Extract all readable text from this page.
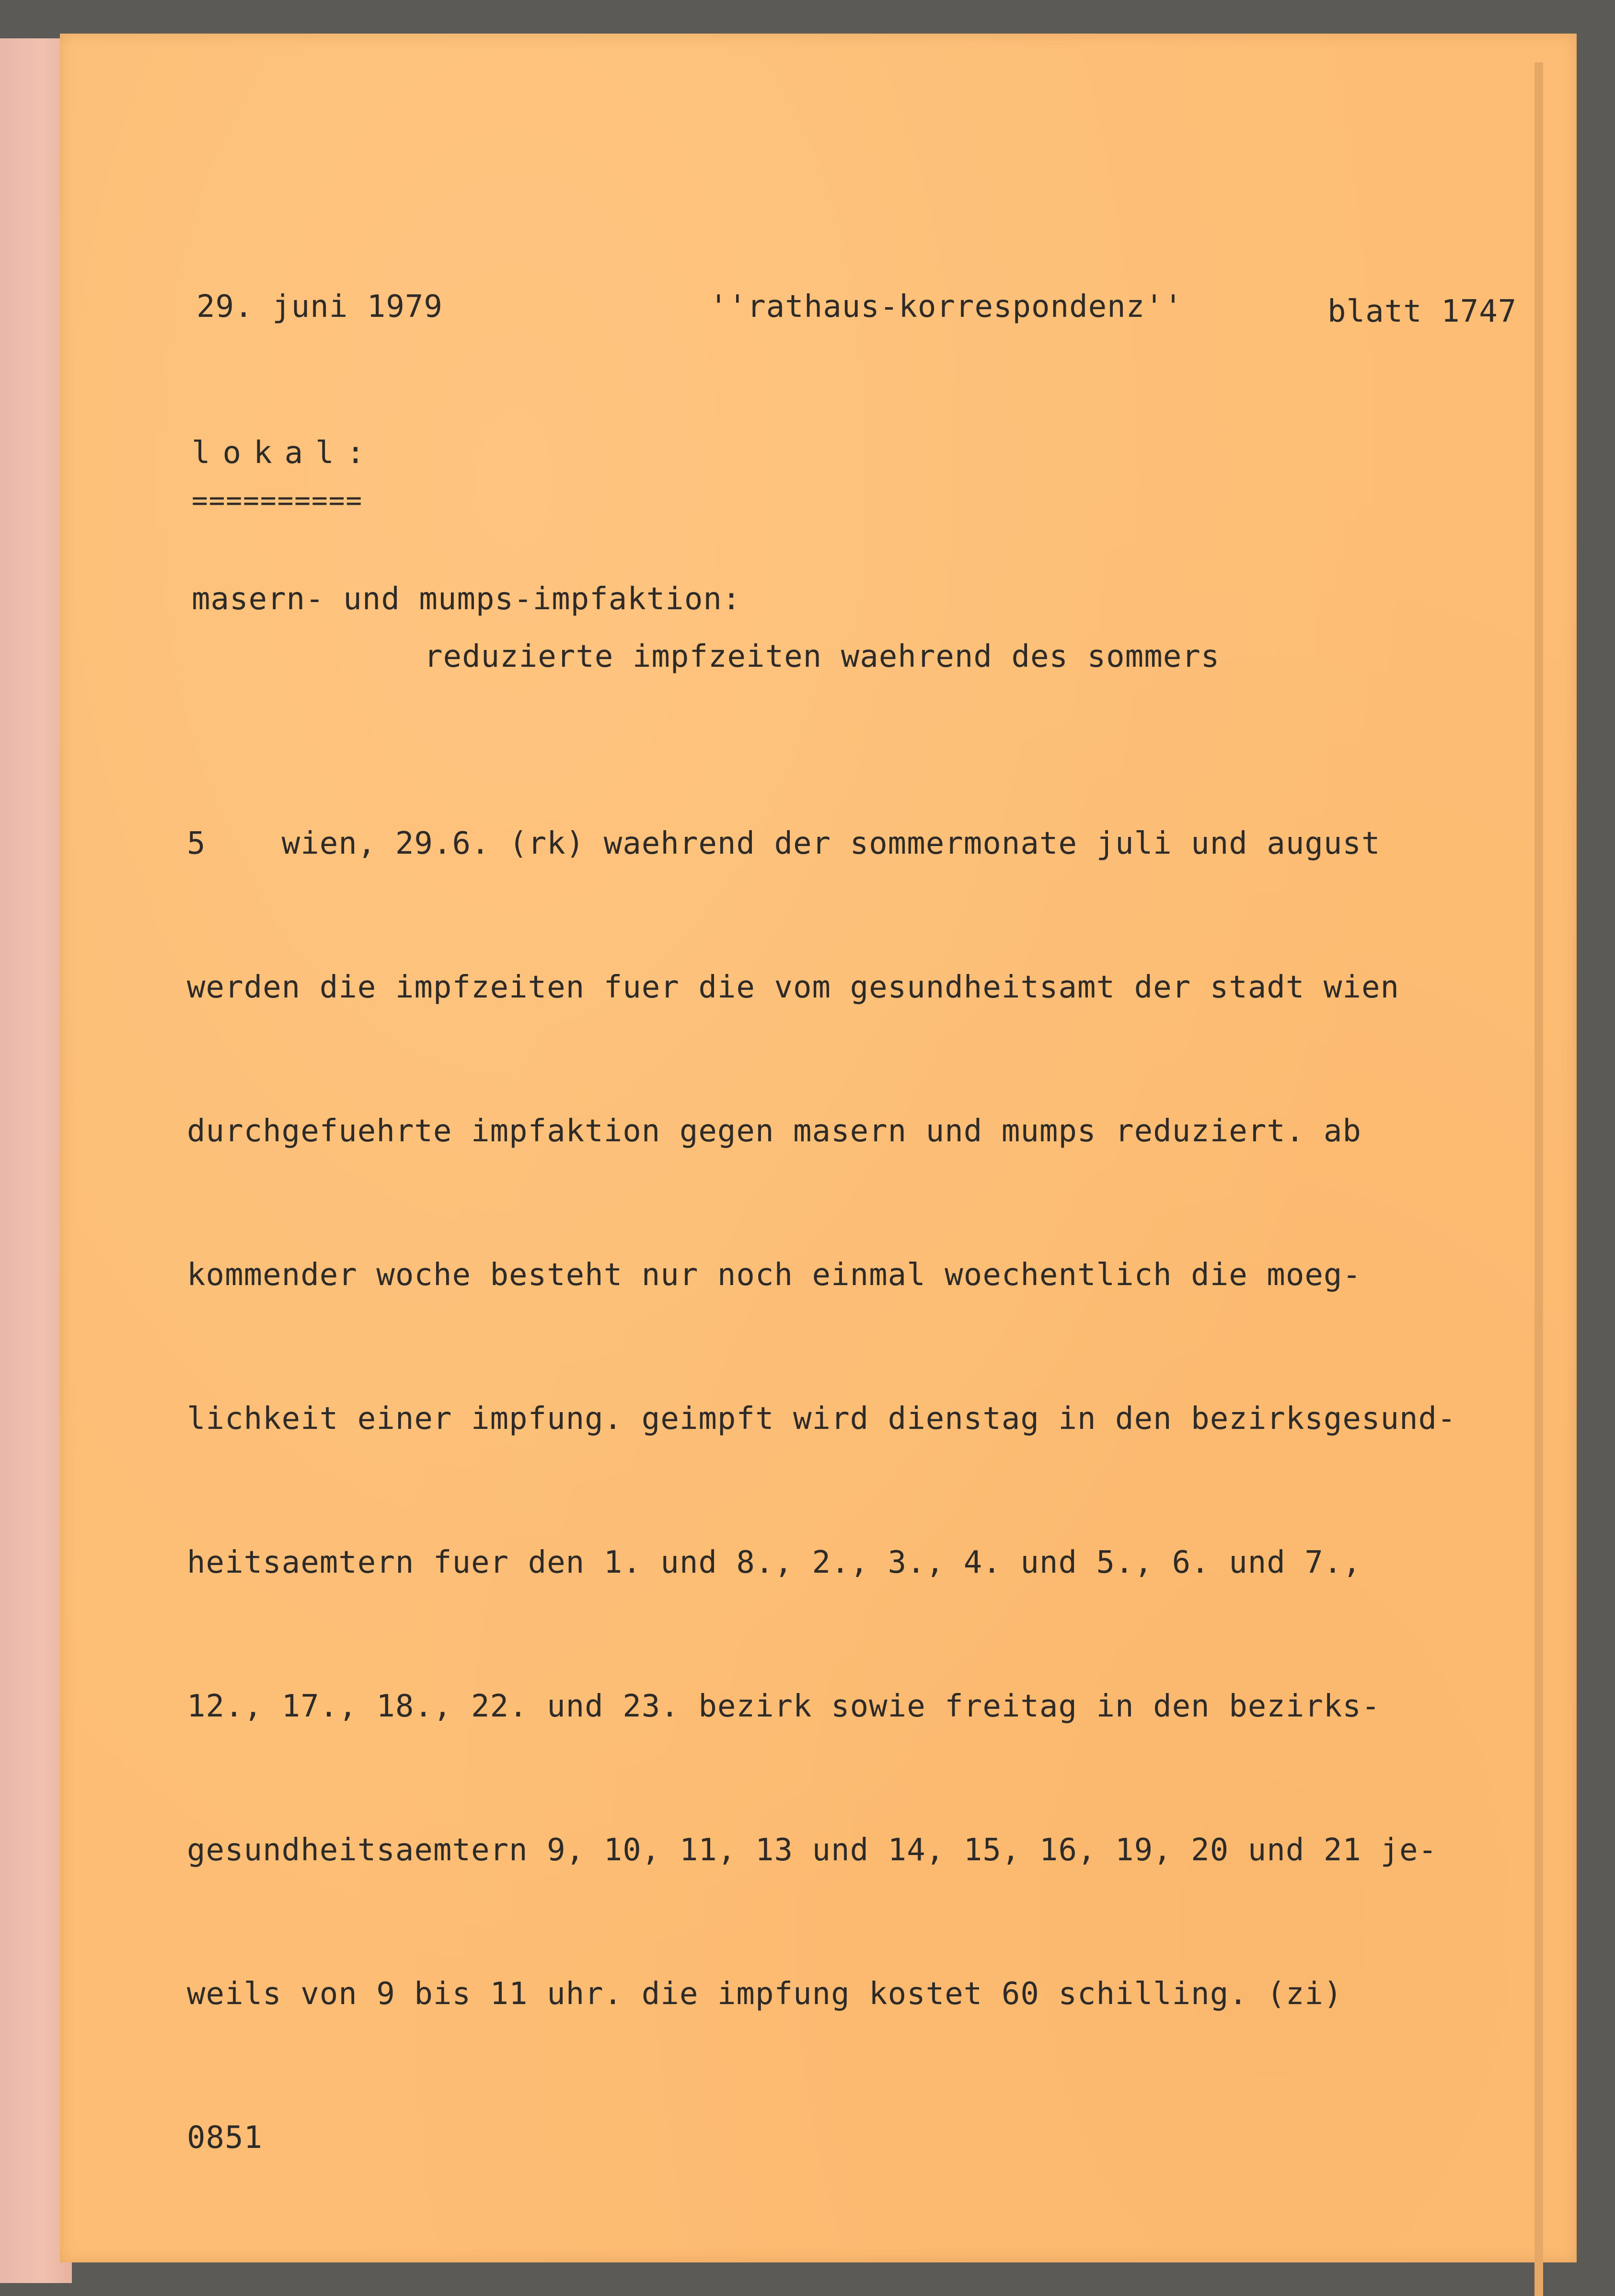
29. juni 1979	''rathaus-korrespondenz''	blatt 1747
lokal:
==========
masern- und mumps-impfaktion:
reduzierte impfzeiten waehrend des sommers

5    wien, 29.6. (rk) waehrend der sommermonate juli und august

werden die impfzeiten fuer die vom gesundheitsamt der stadt wien

durchgefuehrte impfaktion gegen masern und mumps reduziert. ab

kommender woche besteht nur noch einmal woechentlich die moeg-

lichkeit einer impfung. geimpft wird dienstag in den bezirksgesund-

heitsaemtern fuer den 1. und 8., 2., 3., 4. und 5., 6. und 7.,

12., 17., 18., 22. und 23. bezirk sowie freitag in den bezirks-

gesundheitsaemtern 9, 10, 11, 13 und 14, 15, 16, 19, 20 und 21 je-

weils von 9 bis 11 uhr. die impfung kostet 60 schilling. (zi)

0851
